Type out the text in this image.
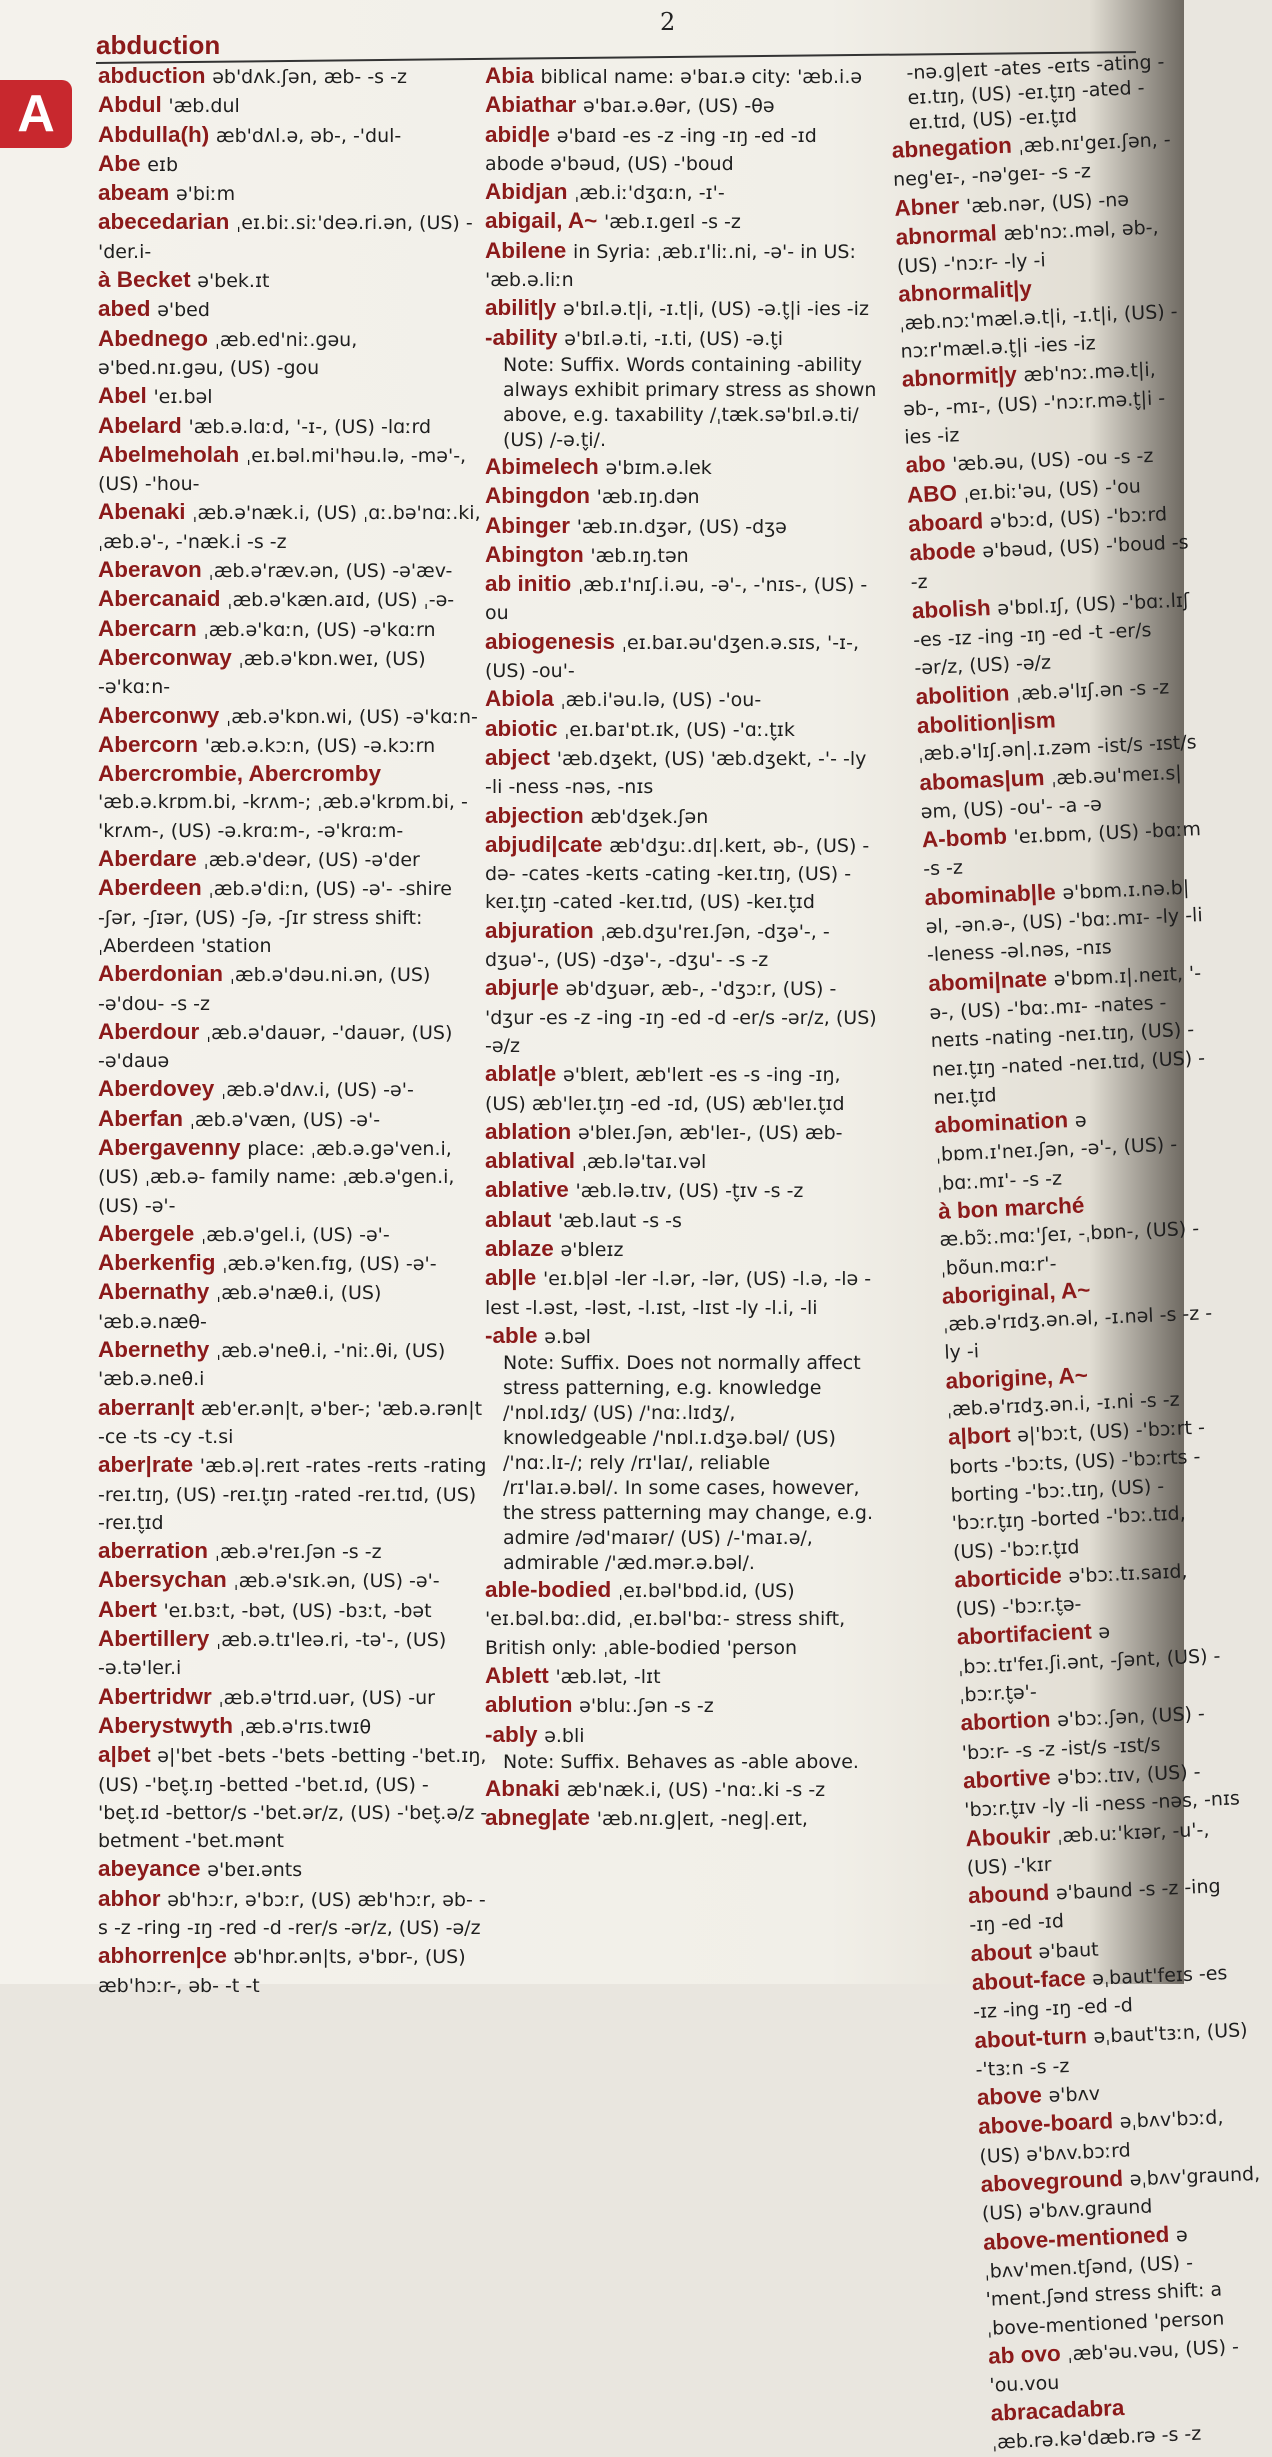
2
abduction
A
abduction əb'dʌk.ʃən, æb- -s -z
Abdul 'æb.dul
Abdulla(h) æb'dʌl.ə, əb-, -'dul-
Abe eɪb
abeam ə'biːm
abecedarian ˌeɪ.biː.siː'deə.ri.ən, (US) -'der.i-
à Becket ə'bek.ɪt
abed ə'bed
Abednego ˌæb.ed'niː.gəu, ə'bed.nɪ.gəu, (US) -gou
Abel 'eɪ.bəl
Abelard 'æb.ə.lɑːd, '-ɪ-, (US) -lɑːrd
Abelmeholah ˌeɪ.bəl.mi'həu.lə, -mə'-, (US) -'hou-
Abenaki ˌæb.ə'næk.i, (US) ˌɑː.bə'nɑː.ki, ˌæb.ə'-, -'næk.i -s -z
Aberavon ˌæb.ə'ræv.ən, (US) -ə'æv-
Abercanaid ˌæb.ə'kæn.aɪd, (US) ˌ-ə-
Abercarn ˌæb.ə'kɑːn, (US) -ə'kɑːrn
Aberconway ˌæb.ə'kɒn.weɪ, (US) -ə'kɑːn-
Aberconwy ˌæb.ə'kɒn.wi, (US) -ə'kɑːn-
Abercorn 'æb.ə.kɔːn, (US) -ə.kɔːrn
Abercrombie, Abercromby 'æb.ə.krɒm.bi, -krʌm-; ˌæb.ə'krɒm.bi, -'krʌm-, (US) -ə.krɑːm-, -ə'krɑːm-
Aberdare ˌæb.ə'deər, (US) -ə'der
Aberdeen ˌæb.ə'diːn, (US) -ə'- -shire -ʃər, -ʃɪər, (US) -ʃə, -ʃɪr stress shift: ˌAberdeen 'station
Aberdonian ˌæb.ə'dəu.ni.ən, (US) -ə'dou- -s -z
Aberdour ˌæb.ə'dauər, -'dauər, (US) -ə'dauə
Aberdovey ˌæb.ə'dʌv.i, (US) -ə'-
Aberfan ˌæb.ə'væn, (US) -ə'-
Abergavenny place: ˌæb.ə.gə'ven.i, (US) ˌæb.ə- family name: ˌæb.ə'gen.i, (US) -ə'-
Abergele ˌæb.ə'gel.i, (US) -ə'-
Aberkenfig ˌæb.ə'ken.fɪg, (US) -ə'-
Abernathy ˌæb.ə'næθ.i, (US) 'æb.ə.næθ-
Abernethy ˌæb.ə'neθ.i, -'niː.θi, (US) 'æb.ə.neθ.i
aberran|t æb'er.ən|t, ə'ber-; 'æb.ə.rən|t -ce -ts -cy -t.si
aber|rate 'æb.ə|.reɪt -rates -reɪts -rating -reɪ.tɪŋ, (US) -reɪ.t̬ɪŋ -rated -reɪ.tɪd, (US) -reɪ.t̬ɪd
aberration ˌæb.ə'reɪ.ʃən -s -z
Abersychan ˌæb.ə'sɪk.ən, (US) -ə'-
Abert 'eɪ.bɜːt, -bət, (US) -bɜːt, -bət
Abertillery ˌæb.ə.tɪ'leə.ri, -tə'-, (US) -ə.tə'ler.i
Abertridwr ˌæb.ə'trɪd.uər, (US) -ur
Aberystwyth ˌæb.ə'rɪs.twɪθ
a|bet ə|'bet -bets -'bets -betting -'bet.ɪŋ, (US) -'bet̬.ɪŋ -betted -'bet.ɪd, (US) -'bet̬.ɪd -bettor/s -'bet.ər/z, (US) -'bet̬.ə/z -betment -'bet.mənt
abeyance ə'beɪ.ənts
abhor əb'hɔːr, ə'bɔːr, (US) æb'hɔːr, əb- -s -z -ring -ɪŋ -red -d -rer/s -ər/z, (US) -ə/z
abhorren|ce əb'hɒr.ən|ts, ə'bɒr-, (US) æb'hɔːr-, əb- -t -t
Abia biblical name: ə'baɪ.ə city: 'æb.i.ə
Abiathar ə'baɪ.ə.θər, (US) -θə
abid|e ə'baɪd -es -z -ing -ɪŋ -ed -ɪd abode ə'bəud, (US) -'boud
Abidjan ˌæb.iː'dʒɑːn, -ɪ'-
abigail, A~ 'æb.ɪ.geɪl -s -z
Abilene in Syria: ˌæb.ɪ'liː.ni, -ə'- in US: 'æb.ə.liːn
abilit|y ə'bɪl.ə.t|i, -ɪ.t|i, (US) -ə.t̬|i -ies -iz
-ability ə'bɪl.ə.ti, -ɪ.ti, (US) -ə.t̬i
Note: Suffix. Words containing -ability always exhibit primary stress as shown above, e.g. taxability /ˌtæk.sə'bɪl.ə.ti/ (US) /-ə.t̬i/.
Abimelech ə'bɪm.ə.lek
Abingdon 'æb.ɪŋ.dən
Abinger 'æb.ɪn.dʒər, (US) -dʒə
Abington 'æb.ɪŋ.tən
ab initio ˌæb.ɪ'nɪʃ.i.əu, -ə'-, -'nɪs-, (US) -ou
abiogenesis ˌeɪ.baɪ.əu'dʒen.ə.sɪs, '-ɪ-, (US) -ou'-
Abiola ˌæb.i'əu.lə, (US) -'ou-
abiotic ˌeɪ.baɪ'ɒt.ɪk, (US) -'ɑː.t̬ɪk
abject 'æb.dʒekt, (US) 'æb.dʒekt, -'- -ly -li -ness -nəs, -nɪs
abjection æb'dʒek.ʃən
abjudi|cate æb'dʒuː.dɪ|.keɪt, əb-, (US) -də- -cates -keɪts -cating -keɪ.tɪŋ, (US) -keɪ.t̬ɪŋ -cated -keɪ.tɪd, (US) -keɪ.t̬ɪd
abjuration ˌæb.dʒu'reɪ.ʃən, -dʒə'-, -dʒuə'-, (US) -dʒə'-, -dʒu'- -s -z
abjur|e əb'dʒuər, æb-, -'dʒɔːr, (US) -'dʒur -es -z -ing -ɪŋ -ed -d -er/s -ər/z, (US) -ə/z
ablat|e ə'bleɪt, æb'leɪt -es -s -ing -ɪŋ, (US) æb'leɪ.t̬ɪŋ -ed -ɪd, (US) æb'leɪ.t̬ɪd
ablation ə'bleɪ.ʃən, æb'leɪ-, (US) æb-
ablatival ˌæb.lə'taɪ.vəl
ablative 'æb.lə.tɪv, (US) -t̬ɪv -s -z
ablaut 'æb.laut -s -s
ablaze ə'bleɪz
ab|le 'eɪ.b|əl -ler -l.ər, -lər, (US) -l.ə, -lə -lest -l.əst, -ləst, -l.ɪst, -lɪst -ly -l.i, -li
-able ə.bəl
Note: Suffix. Does not normally affect stress patterning, e.g. knowledge /'nɒl.ɪdʒ/ (US) /'nɑː.lɪdʒ/, knowledgeable /'nɒl.ɪ.dʒə.bəl/ (US) /'nɑː.lɪ-/; rely /rɪ'laɪ/, reliable /rɪ'laɪ.ə.bəl/. In some cases, however, the stress patterning may change, e.g. admire /əd'maɪər/ (US) /-'maɪ.ə/, admirable /'æd.mər.ə.bəl/.
able-bodied ˌeɪ.bəl'bɒd.id, (US) 'eɪ.bəl.bɑː.did, ˌeɪ.bəl'bɑː- stress shift, British only: ˌable-bodied 'person
Ablett 'æb.lət, -lɪt
ablution ə'bluː.ʃən -s -z
-ably ə.bli
Note: Suffix. Behaves as -able above.
Abnaki æb'næk.i, (US) -'nɑː.ki -s -z
abneg|ate 'æb.nɪ.g|eɪt, -neg|.eɪt,
-nə.g|eɪt -ates -eɪts -ating -eɪ.tɪŋ, (US) -eɪ.t̬ɪŋ -ated -eɪ.tɪd, (US) -eɪ.t̬ɪd
abnegation ˌæb.nɪ'geɪ.ʃən, -neg'eɪ-, -nə'geɪ- -s -z
Abner 'æb.nər, (US) -nə
abnormal æb'nɔː.məl, əb-, (US) -'nɔːr- -ly -i
abnormalit|y ˌæb.nɔː'mæl.ə.t|i, -ɪ.t|i, (US) -nɔːr'mæl.ə.t̬|i -ies -iz
abnormit|y æb'nɔː.mə.t|i, əb-, -mɪ-, (US) -'nɔːr.mə.t̬|i -ies -iz
abo 'æb.əu, (US) -ou -s -z
ABO ˌeɪ.biː'əu, (US) -'ou
aboard ə'bɔːd, (US) -'bɔːrd
abode ə'bəud, (US) -'boud -s -z
abolish ə'bɒl.ɪʃ, (US) -'bɑː.lɪʃ -es -ɪz -ing -ɪŋ -ed -t -er/s -ər/z, (US) -ə/z
abolition ˌæb.ə'lɪʃ.ən -s -z
abolition|ism ˌæb.ə'lɪʃ.ən|.ɪ.zəm -ist/s -ɪst/s
abomas|um ˌæb.əu'meɪ.s|əm, (US) -ou'- -a -ə
A-bomb 'eɪ.bɒm, (US) -bɑːm -s -z
abominab|le ə'bɒm.ɪ.nə.b|əl, -ən.ə-, (US) -'bɑː.mɪ- -ly -li -leness -əl.nəs, -nɪs
abomi|nate ə'bɒm.ɪ|.neɪt, '-ə-, (US) -'bɑː.mɪ- -nates -neɪts -nating -neɪ.tɪŋ, (US) -neɪ.t̬ɪŋ -nated -neɪ.tɪd, (US) -neɪ.t̬ɪd
abomination əˌbɒm.ɪ'neɪ.ʃən, -ə'-, (US) -ˌbɑː.mɪ'- -s -z
à bon marché æ.bɔ̃ː.mɑː'ʃeɪ, -ˌbɒn-, (US) -ˌbõun.mɑːr'-
aboriginal, A~ ˌæb.ə'rɪdʒ.ən.əl, -ɪ.nəl -s -z -ly -i
aborigine, A~ ˌæb.ə'rɪdʒ.ən.i, -ɪ.ni -s -z
a|bort ə|'bɔːt, (US) -'bɔːrt -borts -'bɔːts, (US) -'bɔːrts -borting -'bɔː.tɪŋ, (US) -'bɔːr.t̬ɪŋ -borted -'bɔː.tɪd, (US) -'bɔːr.t̬ɪd
aborticide ə'bɔː.tɪ.saɪd, (US) -'bɔːr.t̬ə-
abortifacient əˌbɔː.tɪ'feɪ.ʃi.ənt, -ʃənt, (US) -ˌbɔːr.t̬ə'-
abortion ə'bɔː.ʃən, (US) -'bɔːr- -s -z -ist/s -ɪst/s
abortive ə'bɔː.tɪv, (US) -'bɔːr.t̬ɪv -ly -li -ness -nəs, -nɪs
Aboukir ˌæb.uː'kɪər, -u'-, (US) -'kɪr
abound ə'baund -s -z -ing -ɪŋ -ed -ɪd
about ə'baut
about-face əˌbaut'feɪs -es -ɪz -ing -ɪŋ -ed -d
about-turn əˌbaut'tɜːn, (US) -'tɜːn -s -z
above ə'bʌv
above-board əˌbʌv'bɔːd, (US) ə'bʌv.bɔːrd
aboveground əˌbʌv'graund, (US) ə'bʌv.graund
above-mentioned əˌbʌv'men.tʃənd, (US) -'ment.ʃənd stress shift: aˌbove-mentioned 'person
ab ovo ˌæb'əu.vəu, (US) -'ou.vou
abracadabra ˌæb.rə.kə'dæb.rə -s -z
